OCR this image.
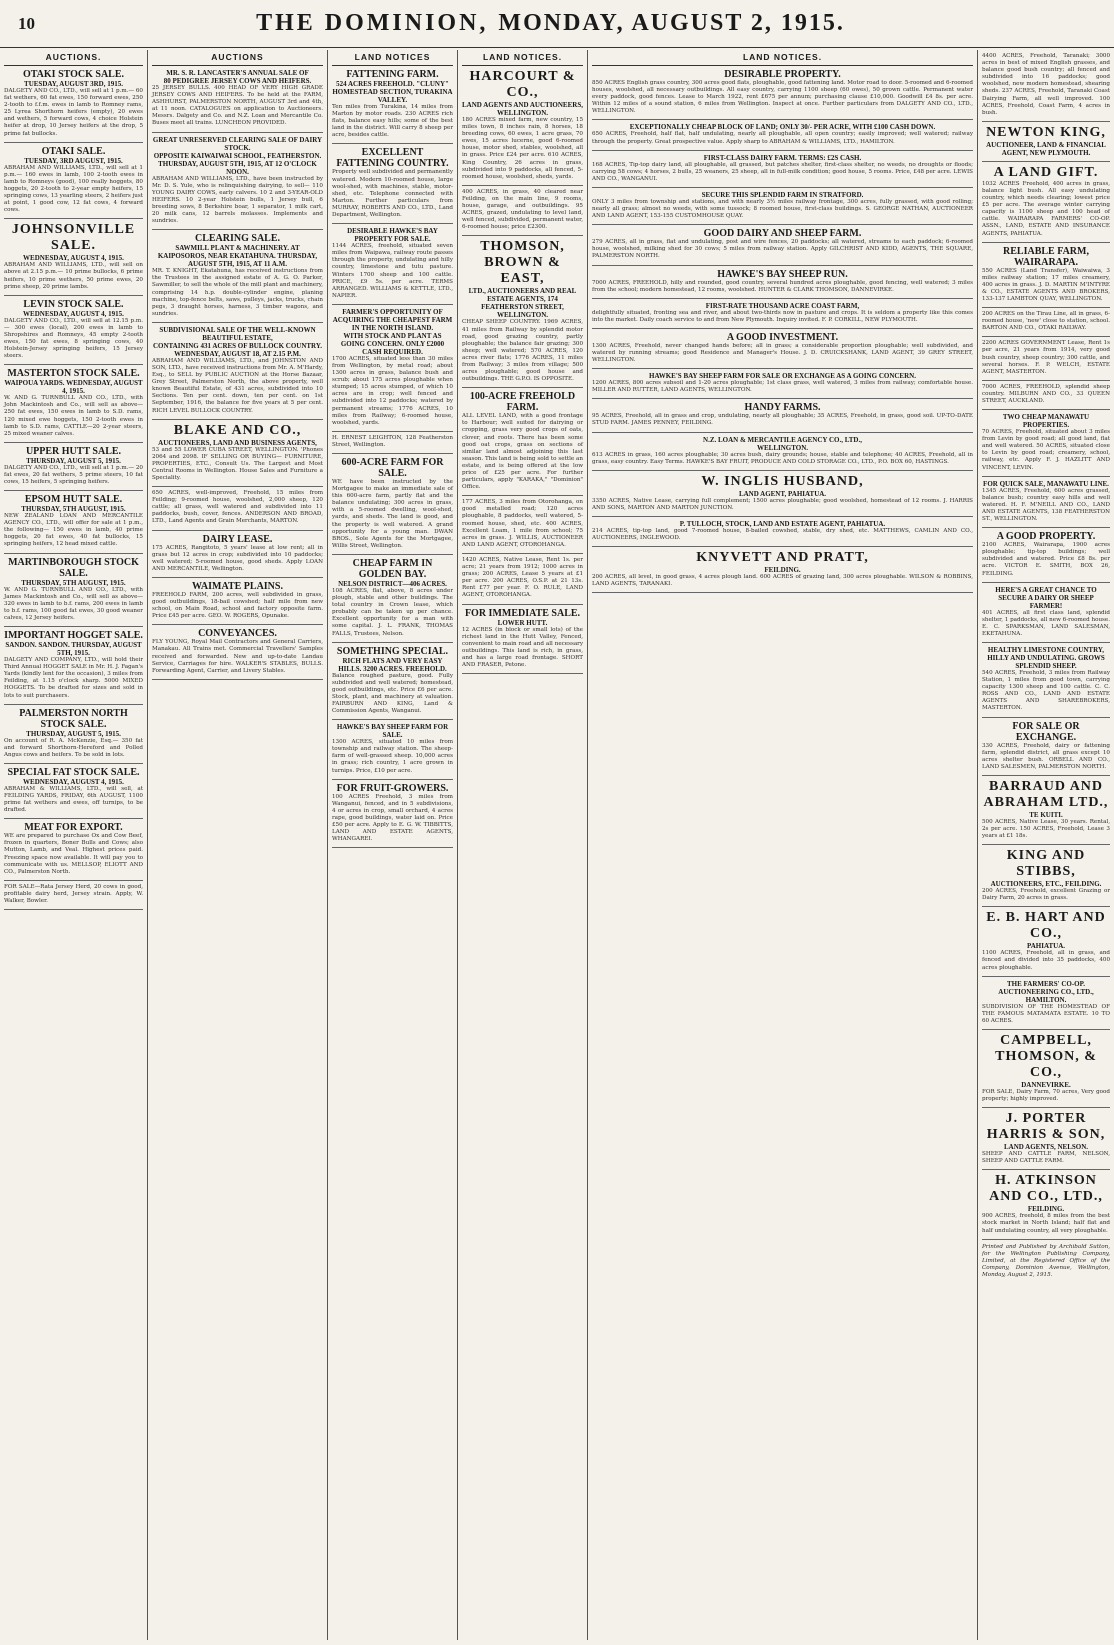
10	THE DOMINION, MONDAY, AUGUST 2, 1915.
AUCTIONS.
OTAKI STOCK SALE.
TUESDAY, AUGUST 3RD, 1915.
DALGETY AND CO., LTD., will sell at 1 p.m.— 60 fat wethers, 60 fat ewes, 150 forward ewes, 250 2-tooth to f.f.m. ewes in lamb to Romney rams, 25 Lyrea Shorthorn heifers (empty), 20 ewes and wethers, 5 forward cows, 4 choice Holstein heifer at drop, 10 Jersey heifers at the drop, 5 prime fat bullocks.
OTAKI SALE.
TUESDAY, 3RD AUGUST, 1915.
ABRAHAM AND WILLIAMS, LTD., will sell at 1 p.m.— 160 ewes in lamb, 100 2-tooth ewes in lamb to Romneys (good), 100 really hoggets, 80 hoggets, 20 2-tooth to 2-year empty heifers, 15 springing cows, 13 yearling steers, 2 heifers just at point, 1 good cow, 12 fat cows, 4 forward cows.
JOHNSONVILLE SALE.
WEDNESDAY, AUGUST 4, 1915.
ABRAHAM AND WILLIAMS, LTD., will sell on above at 2.15 p.m.— 10 prime bullocks, 6 prime heifers, 10 prime wethers, 50 prime ewes, 20 prime sheep, 20 prime lambs.
LEVIN STOCK SALE.
WEDNESDAY, AUGUST 4, 1915.
DALGETY AND CO., LTD., will sell at 12.15 p.m.— 300 ewes (local), 200 ewes in lamb to Shropshires and Romneys, 45 empty 2-tooth ewes, 150 fat ewes, 8 springing cows, 40 Holstein-Jersey springing heifers, 15 Jersey steers.
MASTERTON STOCK SALE.
WAIPOUA YARDS. WEDNESDAY, AUGUST 4, 1915.
W. AND G. TURNBULL AND CO., LTD., with John Mackintosh and Co., will sell as above— 250 fat ewes, 150 ewes in lamb to S.D. rams, 120 mixed ewe hoggets, 150 2-tooth ewes in lamb to S.D. rams, CATTLE—20 2-year steers, 25 mixed weaner calves.
UPPER HUTT SALE.
THURSDAY, AUGUST 5, 1915.
DALGETY AND CO., LTD., will sell at 1 p.m.— 20 fat ewes, 20 fat wethers, 5 prime steers, 10 fat cows, 15 heifers, 5 springing heifers.
EPSOM HUTT SALE.
THURSDAY, 5TH AUGUST, 1915.
NEW ZEALAND LOAN AND MERCANTILE AGENCY CO., LTD., will offer for sale at 1 p.m., the following— 150 ewes in lamb, 40 prime hoggets, 20 fat ewes, 40 fat bullocks, 15 springing heifers, 12 head mixed cattle.
MARTINBOROUGH STOCK SALE.
THURSDAY, 5TH AUGUST, 1915.
W. AND G. TURNBULL AND CO., LTD., with James Mackintosh and Co., will sell as above— 320 ewes in lamb to b.f. rams, 200 ewes in lamb to b.f. rams, 100 good fat ewes, 30 good weaner calves, 12 Jersey heifers.
IMPORTANT HOGGET SALE.
SANDON. SANDON. THURSDAY, AUGUST 5TH, 1915.
DALGETY AND COMPANY, LTD., will hold their Third Annual HOGGET SALE in Mr. H. J. Fagan's Yards (kindly lent for the occasion), 3 miles from Feilding, at 1.15 o'clock sharp. 5000 MIXED HOGGETS. To be drafted for sizes and sold in lots to suit purchasers.
PALMERSTON NORTH STOCK SALE.
THURSDAY, AUGUST 5, 1915.
On account of R. A. McKenzie, Esq.— 350 fat and forward Shorthorn-Hereford and Polled Angus cows and heifers. To be sold in lots.
SPECIAL FAT STOCK SALE.
WEDNESDAY, AUGUST 4, 1915.
ABRAHAM & WILLIAMS, LTD., will sell, at FEILDING YARDS, FRIDAY, 6th AUGUST, 1100 prime fat wethers and ewes, off turnips, to be drafted.
MEAT FOR EXPORT.
WE are prepared to purchase Ox and Cow Beef, frozen in quarters, Boner Bulls and Cows; also Mutton, Lamb, and Veal. Highest prices paid. Freezing space now available. It will pay you to communicate with us. MELLSOP, ELIOTT AND CO., Palmerston North.
FOR SALE—Rata Jersey Herd, 20 cows in good, profitable dairy herd, Jersey strain. Apply, W. Walker, Bowler.
AUCTIONS
MR. S. R. LANCASTER'S ANNUAL SALE OF
80 PEDIGREE JERSEY COWS AND HEIFERS.
25 JERSEY BULLS. 400 HEAD OF VERY HIGH GRADE JERSEY COWS AND HEIFERS. To be held at the FARM, ASHHURST, PALMERSTON NORTH, AUGUST 3rd and 4th, at 11 noon. CATALOGUES on application to Auctioneers. Messrs. Dalgety and Co. and N.Z. Loan and Mercantile Co. Buses meet all trains. LUNCHEON PROVIDED.
GREAT UNRESERVED CLEARING SALE OF DAIRY STOCK.
OPPOSITE KAIWAIWAI SCHOOL, FEATHERSTON. THURSDAY, AUGUST 5TH, 1915, AT 12 O'CLOCK NOON.
ABRAHAM AND WILLIAMS, LTD., have been instructed by Mr. D. S. Yule, who is relinquishing dairying, to sell— 110 YOUNG DAIRY COWS, early calvers. 10 2 and 3-YEAR-OLD HEIFERS. 10 2-year Holstein bulls, 1 Jersey bull, 6 breeding sows, 8 Berkshire boar, 1 separator, 1 milk cart, 20 milk cans, 12 barrels molasses. Implements and sundries.
CLEARING SALE.
SAWMILL PLANT & MACHINERY. AT KAIPOSOROS, NEAR EKATAHUNA. THURSDAY, AUGUST 5TH, 1915, AT 11 A.M.
MR. T. KNIGHT, Ekatahuna, has received instructions from the Trustees in the assigned estate of A. G. O. Parker, Sawmiller, to sell the whole of the mill plant and machinery, comprising 14 h.p. double-cylinder engine, planing machine, top-fence belts, saws, pulleys, jacks, trucks, chain pegs, 3 draught horses, harness, 3 timber wagons, and sundries.
SUBDIVISIONAL SALE OF THE WELL-KNOWN BEAUTIFUL ESTATE,
CONTAINING 431 ACRES OF BULLOCK COUNTRY. WEDNESDAY, AUGUST 18, AT 2.15 P.M.
ABRAHAM AND WILLIAMS, LTD., and JOHNSTON AND SON, LTD., have received instructions from Mr. A. M'Hardy, Esq., to SELL by PUBLIC AUCTION at the Horse Bazaar, Grey Street, Palmerston North, the above property, well known Beautiful Estate, of 431 acres, subdivided into 10 Sections. Ten per cent. down, ten per cent. on 1st September, 1916, the balance for five years at 5 per cent. RICH LEVEL BULLOCK COUNTRY.
BLAKE AND CO.,
AUCTIONEERS, LAND AND BUSINESS AGENTS,
53 and 55 LOWER CUBA STREET, WELLINGTON. 'Phones 2064 and 2098. IF SELLING OR BUYING— FURNITURE, PROPERTIES, ETC., Consult Us. The Largest and Most Central Rooms in Wellington. House Sales and Furniture a Speciality.
650 ACRES, well-improved, Freehold, 15 miles from Feilding; 9-roomed house, woolshed, 2,000 sheep, 120 cattle; all grass, well watered and subdivided into 11 paddocks, bush, cover, fences. ANDERSON AND BROAD, LTD., Land Agents and Grain Merchants, MARTON.
DAIRY LEASE.
175 ACRES, Rangitoto, 5 years' lease at low rent; all in grass but 12 acres in crop; subdivided into 10 paddocks; well watered; 5-roomed house, good sheds. Apply LOAN AND MERCANTILE, Wellington.
WAIMATE PLAINS.
FREEHOLD FARM, 200 acres, well subdivided in grass, good outbuildings, 18-bail cowshed; half mile from new school, on Main Road, school and factory opposite farm. Price £45 per acre. GEO. W. ROGERS, Opunake.
CONVEYANCES.
FLY YOUNG, Royal Mail Contractors and General Carriers, Manakau. All Trains met. Commercial Travellers' Samples received and forwarded. New and up-to-date Landau Service, Carriages for hire. WALKER'S STABLES, BULLS. Forwarding Agent, Carrier, and Livery Stables.
LAND NOTICES
FATTENING FARM.
524 ACRES FREEHOLD. "CLUNY" HOMESTEAD SECTION, TURAKINA VALLEY.
Ten miles from Turakina, 14 miles from Marton by motor roads. 230 ACRES rich flats, balance easy hills; some of the best land in the district. Will carry 8 sheep per acre, besides cattle.
EXCELLENT FATTENING COUNTRY.
Property well subdivided and permanently watered. Modern 10-roomed house, large wool-shed, with machines, stable, motor-shed, etc. Telephone connected with Marton. Further particulars from MURRAY, ROBERTS AND CO., LTD., Land Department, Wellington.
DESIRABLE HAWKE'S BAY PROPERTY FOR SALE.
1144 ACRES, freehold, situated seven miles from Waipawa, railway route passes through the property, undulating and hilly country, limestone and tutu pasture. Winters 1700 sheep and 100 cattle. PRICE, £9 5s. per acre. TERMS ARRANGED. WILLIAMS & KETTLE, LTD., NAPIER.
FARMER'S OPPORTUNITY OF ACQUIRING THE CHEAPEST FARM IN THE NORTH ISLAND.
WITH STOCK AND PLANT AS GOING CONCERN. ONLY £2000 CASH REQUIRED.
1700 ACRES, situated less than 30 miles from Wellington, by metal road; about 1300 acres in grass, balance bush and scrub; about 175 acres ploughable when stumped; 15 acres stumped, of which 10 acres are in crop; well fenced and subdivided into 12 paddocks; watered by permanent streams; 1776 ACRES, 10 miles from Railway; 6-roomed house, woolshed, yards.
H. ERNEST LEIGHTON, 128 Featherston Street, Wellington.
600-ACRE FARM FOR SALE.
WE have been instructed by the Mortgagee to make an immediate sale of this 600-acre farm, partly flat and the balance undulating; 300 acres in grass, with a 5-roomed dwelling, wool-shed, yards, and sheds. The land is good, and the property is well watered. A grand opportunity for a young man. DWAN BROS., Sole Agents for the Mortgagee, Willis Street, Wellington.
CHEAP FARM IN GOLDEN BAY.
NELSON DISTRICT—406 ACRES.
108 ACRES, flat, above, 8 acres under plough, stable and other buildings. The total country in Crown lease, which probably can be taken up per chance. Excellent opportunity for a man with some capital. J. L. FRANK, THOMAS FALLS, Trustees, Nelson.
SOMETHING SPECIAL.
RICH FLATS AND VERY EASY HILLS. 3200 ACRES. FREEHOLD.
Balance roughed pasture, good. Fully subdivided and well watered; homestead, good outbuildings, etc. Price £6 per acre. Stock, plant, and machinery at valuation. FAIRBURN AND KING, Land & Commission Agents, Wanganui.
HAWKE'S BAY SHEEP FARM FOR SALE.
1300 ACRES, situated 10 miles from township and railway station. The sheep-farm of well-grassed sheep. 10,000 acres in grass; rich country, 1 acre grown in turnips. Price, £10 per acre.
FOR FRUIT-GROWERS.
100 ACRES Freehold, 3 miles from Wanganui, fenced, and in 5 subdivisions, 4 or acres in crop, small orchard, 4 acres rape, good buildings, water laid on. Price £50 per acre. Apply to E. G. W. TIBBITTS, LAND AND ESTATE AGENTS, WHANGAREI.
LAND NOTICES.
HARCOURT & CO.,
LAND AGENTS AND AUCTIONEERS, WELLINGTON.
180 ACRES mixed farm, new country, 15 miles town, 8 inches rain, 8 horses, 18 breeding cows, 60 ewes, 1 acre grass, 70 ewes, 15 acres lucerne, good 6-roomed house, motor shed, stables, woolshed, all in grass. Price £24 per acre. 610 ACRES, King Country, 26 acres in grass, subdivided into 9 paddocks, all fenced, 5-roomed house, woolshed, sheds, yards.
400 ACRES, in grass, 40 cleared near Feilding, on the main line, 9 rooms, house, garage, and outbuildings. 95 ACRES, grazed, undulating to level land, well fenced, subdivided, permanent water, 6-roomed house; price £2300.
THOMSON, BROWN & EAST,
LTD., AUCTIONEERS AND REAL ESTATE AGENTS, 174 FEATHERSTON STREET, WELLINGTON.
CHEAP SHEEP COUNTRY. 1969 ACRES, 41 miles from Railway by splendid motor road, good grazing country, partly ploughable; the balance fair grazing; 300 sheep; well watered; 570 ACRES, 120 acres river flats; 1776 ACRES, 11 miles from Railway; 3 miles from village; 500 acres ploughable; good house and outbuildings. THE G.P.O. IS OPPOSITE.
100-ACRE FREEHOLD FARM.
ALL LEVEL LAND, with a good frontage to Harbour; well suited for dairying or cropping, grass very good crops of oats, clover, and roots. There has been some good oat crops, grass on sections of similar land almost adjoining this last season. This land is being sold to settle an estate, and is being offered at the low price of £25 per acre. For further particulars, apply "KARAKA," "Dominion" Office.
177 ACRES, 3 miles from Otorohanga, on good metalled road; 120 acres ploughable, 8 paddocks, well watered, 5-roomed house, shed, etc. 400 ACRES, Excellent Loam, 1 mile from school; 75 acres in grass. J. WILLIS, AUCTIONEER AND LAND AGENT, OTOROHANGA.
1420 ACRES, Native Lease, Rent 1s. per acre; 21 years from 1912; 1000 acres in grass; 200 ACRES, Lease 5 years at £1 per acre. 200 ACRES, O.S.P. at 21 13s. Rent £77 per year. F. O. RULE, LAND AGENT, OTOROHANGA.
FOR IMMEDIATE SALE.
LOWER HUTT.
12 ACRES (in block or small lots) of the richest land in the Hutt Valley, Fenced, convenient to main road and all necessary outbuildings. This land is rich, in grass, and has a large road frontage. SHORT AND FRASER, Petone.
LAND NOTICES.
DESIRABLE PROPERTY.
850 ACRES English grass country, 300 acres good flats, ploughable, good fattening land. Motor road to door. 5-roomed and 6-roomed houses, woolshed, all necessary outbuildings. All easy country, carrying 1100 sheep (60 owes), 50 grown cattle. Permanent water every paddock, good fences. Lease to March 1922, rent £675 per annum; purchasing clause £10,000. Goodwill £4 8s. per acre. Within 12 miles of a sound station, 6 miles from Wellington. Inspect at once. Further particulars from DALGETY AND CO., LTD., WELLINGTON.
EXCEPTIONALLY CHEAP BLOCK OF LAND; ONLY 30/- PER ACRE, WITH £100 CASH DOWN.
650 ACRES, Freehold, half flat, half undulating, nearly all ploughable, all open country; easily improved; well watered; railway through the property. Great prospective value. Apply sharp to ABRAHAM & WILLIAMS, LTD., HAMILTON.
FIRST-CLASS DAIRY FARM. TERMS: £2S CASH.
168 ACRES, Tip-top dairy land, all ploughable, all grassed, but patches shelter, first-class shelter, no weeds, no droughts or floods; carrying 58 cows; 4 horses, 2 bulls, 25 weaners, 25 sheep, all in full-milk condition; good house, 5 rooms. Price, £48 per acre. LEWIS AND CO., WANGANUI.
SECURE THIS SPLENDID FARM IN STRATFORD.
ONLY 3 miles from township and stations, and with nearly 3½ miles railway frontage, 300 acres, fully grassed, with good rolling; nearly all grass; almost no weeds, with some tussock; 8 roomed house, first-class buildings. S. GEORGE NATHAN, AUCTIONEER AND LAND AGENT, 153-155 CUSTOMHOUSE QUAY.
GOOD DAIRY AND SHEEP FARM.
279 ACRES, all in grass, flat and undulating, post and wire fences, 20 paddocks; all watered, streams to each paddock; 6-roomed house, woolshed, milking shed for 30 cows; 5 miles from railway station. Apply GILCHRIST AND KIDD, AGENTS, THE SQUARE, PALMERSTON NORTH.
HAWKE'S BAY SHEEP RUN.
7000 ACRES, FREEHOLD, hilly and rounded, good country, several hundred acres ploughable, good fencing, well watered; 3 miles from the school; modern homestead, 12 rooms, woolshed. HUNTER & CLARK THOMSON, DANNEVIRKE.
FIRST-RATE THOUSAND ACRE COAST FARM,
delightfully situated, fronting sea and river, and about two-thirds now in pasture and crops. It is seldom a property like this comes into the market. Daily coach service to and from New Plymouth. Inquiry invited. F. P. CORKILL, NEW PLYMOUTH.
A GOOD INVESTMENT.
1300 ACRES, Freehold, never changed hands before; all in grass; a considerable proportion ploughable; well subdivided, and watered by running streams; good Residence and Manager's House. J. D. CRUICKSHANK, LAND AGENT, 39 GREY STREET, WELLINGTON.
HAWKE'S BAY SHEEP FARM FOR SALE OR EXCHANGE AS A GOING CONCERN.
1200 ACRES, 800 acres subsoil and 1-20 acres ploughable; 1st class grass, well watered, 3 miles from railway; comfortable house. MILLER AND RUTTER, LAND AGENTS, WELLINGTON.
HANDY FARMS.
95 ACRES, Freehold, all in grass and crop, undulating, nearly all ploughable; 35 ACRES, Freehold, in grass, good soil. UP-TO-DATE STUD FARM. JAMES PENNEY, FEILDING.
N.Z. LOAN & MERCANTILE AGENCY CO., LTD.,
WELLINGTON.
613 ACRES in grass, 160 acres ploughable; 30 acres bush, dairy grounds; house, stable and telephone; 40 ACRES, Freehold, all in grass, easy country. Easy Terms. HAWKE'S BAY FRUIT, PRODUCE AND COLD STORAGE CO., LTD., P.O. BOX 60, HASTINGS.
W. INGLIS HUSBAND,
LAND AGENT, PAHIATUA.
3350 ACRES, Native Lease, carrying full complement; 1500 acres ploughable; good woolshed, homestead of 12 rooms. J. HARRIS AND SONS, MARTON AND MARTON JUNCTION.
P. TULLOCH, STOCK, LAND AND ESTATE AGENT, PAHIATUA.
214 ACRES, tip-top land, good 7-roomed house, 8-bailed cowshed, stable, dry shed, etc. MATTHEWS, CAMLIN AND CO., AUCTIONEERS, INGLEWOOD.
KNYVETT AND PRATT,
FEILDING.
200 ACRES, all level, in good grass, 4 acres plough land. 600 ACRES of grazing land, 300 acres ploughable. WILSON & ROBBINS, LAND AGENTS, TARANAKI.
4400 ACRES, Freehold, Taranaki; 3000 acres in best of mixed English grasses, and balance good bush country; all fenced and subdivided into 16 paddocks; good woolshed, new modern homestead, shearing sheds. 237 ACRES, Freehold, Taranaki Coast Dairying Farm, all well improved. 100 ACRES, Freehold, Coast Farm, 4 acres in bush.
NEWTON KING,
AUCTIONEER, LAND & FINANCIAL AGENT, NEW PLYMOUTH.
A LAND GIFT.
1032 ACRES Freehold, 400 acres in grass, balance light bush. All easy undulating country, which needs clearing; lowest price £5 per acre. The average winter carrying capacity is 1100 sheep and 100 head of cattle. WAIRARAPA FARMERS' CO-OP. ASSN., LAND, ESTATE AND INSURANCE AGENTS, PAHIATUA.
RELIABLE FARM, WAIRARAPA.
550 ACRES (Land Transfer), Waiwaiwa, 3 miles railway station; 17 miles creamery, 400 acres in grass. J. D. MARTIN M'INTYRE & CO., ESTATE AGENTS AND BROKERS, 133-137 LAMBTON QUAY, WELLINGTON.
200 ACRES on the Tirau Line, all in grass, 6-roomed house, 'new' close to station, school. BARTON AND CO., OTAKI RAILWAY.
2200 ACRES GOVERNMENT Lease, Rent 1s per acre, 21 years from 1914, very good bush country, sheep country; 300 cattle, and several horses. F. P. WELCH, ESTATE AGENT, MASTERTON.
7000 ACRES, FREEHOLD, splendid sheep country. MILBURN AND CO., 33 QUEEN STREET, AUCKLAND.
TWO CHEAP MANAWATU PROPERTIES.
70 ACRES, Freehold, situated about 3 miles from Levin by good road; all good land, flat and well watered. 50 ACRES, situated close to Levin by good road; creamery, school, railway, etc. Apply F. J. HAZLITT AND VINCENT, LEVIN.
FOR QUICK SALE, MANAWATU LINE.
1345 ACRES, Freehold, 600 acres grassed, balance bush; country easy hills and well watered. H. F. M'NEILL AND CO., LAND AND ESTATE AGENTS, 138 FEATHERSTON ST., WELLINGTON.
A GOOD PROPERTY.
2100 ACRES, Wairarapa, 1900 acres ploughable; tip-top buildings; well subdivided and watered. Price £8 8s. per acre. VICTOR E. SMITH, BOX 26, FEILDING.
HERE'S A GREAT CHANCE TO SECURE A DAIRY OR SHEEP FARMER!
401 ACRES, all first class land, splendid shelter, 1 paddocks, all new 6-roomed house. E. C. SPARKSMAN, LAND SALESMAN, EKETAHUNA.
HEALTHY LIMESTONE COUNTRY, HILLY AND UNDULATING. GROWS SPLENDID SHEEP.
540 ACRES, Freehold, 3 miles from Railway Station, 1 miles from good town, carrying capacity 1300 sheep and 100 cattle. C. C. ROSS AND CO., LAND AND ESTATE AGENTS AND SHAREBROKERS, MASTERTON.
FOR SALE OR EXCHANGE.
330 ACRES, Freehold, dairy or fattening farm, splendid district, all grass except 10 acres shelter bush. ORBELL AND CO., LAND SALESMEN, PALMERSTON NORTH.
BARRAUD AND ABRAHAM LTD.,
TE KUITI.
500 ACRES, Native Lease, 30 years. Rental, 2s per acre. 150 ACRES, Freehold, Lease 3 years at £1 18s.
KING AND STIBBS,
AUCTIONEERS, ETC., FEILDING.
200 ACRES, Freehold, excellent Grazing or Dairy Farm, 20 acres in grass.
E. B. HART AND CO.,
PAHIATUA.
1100 ACRES, Freehold, all in grass, and fenced and divided into 35 paddocks, 400 acres ploughable.
THE FARMERS' CO-OP. AUCTIONEERING CO., LTD.,
HAMILTON.
SUBDIVISION OF THE HOMESTEAD OF THE FAMOUS MATAMATA ESTATE. 10 TO 60 ACRES.
CAMPBELL, THOMSON, & CO.,
DANNEVIRKE.
FOR SALE, Dairy Farm, 70 acres, Very good property; highly improved.
J. PORTER HARRIS & SON,
LAND AGENTS, NELSON.
SHEEP AND CATTLE FARM, NELSON, SHEEP AND CATTLE FARM.
H. ATKINSON AND CO., LTD.,
FEILDING.
900 ACRES, freehold, 8 miles from the best stock market in North Island; half flat and half undulating country, all very ploughable.
Printed and Published by Archibald Sutton, for the Wellington Publishing Company, Limited, at the Registered Office of the Company, Dominion Avenue, Wellington, Monday, August 2, 1915.
